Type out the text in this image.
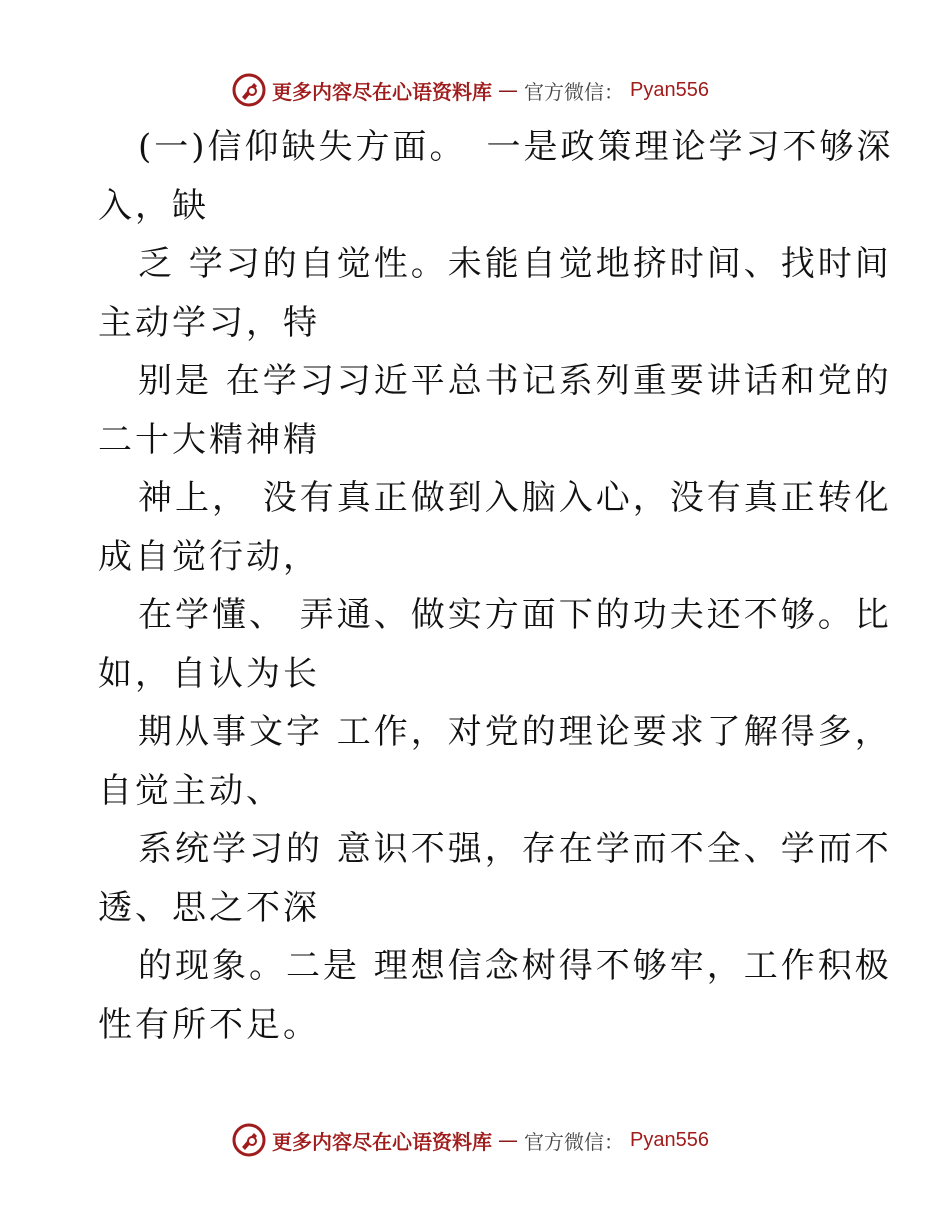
更多内容尽在心语资料库 — 官方微信： Pyan556
(一)信仰缺失方面。　一是政策理论学习不够深
入，缺
乏 学习的自觉性。未能自觉地挤时间、找时间
主动学习，特
别是 在学习习近平总书记系列重要讲话和党的
二十大精神精
神上， 没有真正做到入脑入心，没有真正转化
成自觉行动，
在学懂、 弄通、做实方面下的功夫还不够。比
如，自认为长
期从事文字 工作，对党的理论要求了解得多，
自觉主动、
系统学习的 意识不强，存在学而不全、学而不
透、思之不深
的现象。二是 理想信念树得不够牢，工作积极
性有所不足。
更多内容尽在心语资料库 — 官方微信： Pyan556
